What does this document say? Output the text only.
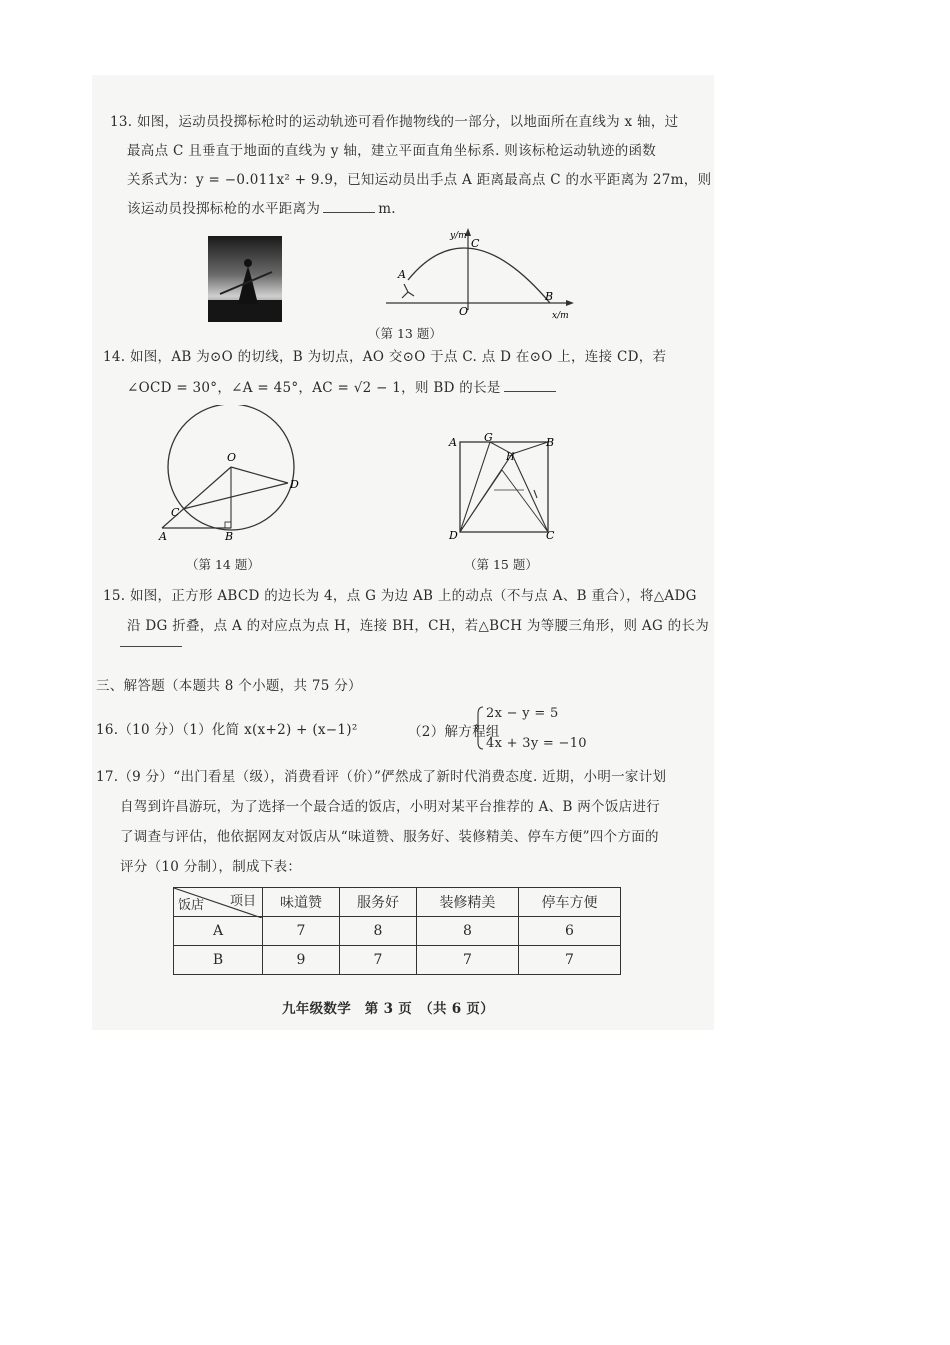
13. 如图，运动员投掷标枪时的运动轨迹可看作抛物线的一部分，以地面所在直线为 x 轴，过
最高点 C 且垂直于地面的直线为 y 轴，建立平面直角坐标系. 则该标枪运动轨迹的函数
关系式为：y = −0.011x² + 9.9，已知运动员出手点 A 距离最高点 C 的水平距离为 27m，则
该运动员投掷标枪的水平距离为	m.
y/m
C
A
O
B
x/m
（第 13 题）
14. 如图，AB 为⊙O 的切线，B 为切点，AO 交⊙O 于点 C. 点 D 在⊙O 上，连接 CD，若
∠OCD = 30°，∠A = 45°，AC = √2 − 1，则 BD 的长是
O
D
C
A	B
（第 14 题）
A G	B
H
D	C
（第 15 题）
15. 如图，正方形 ABCD 的边长为 4，点 G 为边 AB 上的动点（不与点 A、B 重合），将△ADG
沿 DG 折叠，点 A 的对应点为点 H，连接 BH，CH，若△BCH 为等腰三角形，则 AG 的长为
三、解答题（本题共 8 个小题，共 75 分）
16.（10 分）（1）化简 x(x+2) + (x−1)²	（2）解方程组
2x − y = 5
4x + 3y = −10
17.（9 分）“出门看星（级），消费看评（价）”俨然成了新时代消费态度. 近期，小明一家计划
自驾到许昌游玩，为了选择一个最合适的饭店，小明对某平台推荐的 A、B 两个饭店进行
了调查与评估，他依据网友对饭店从“味道赞、服务好、装修精美、停车方便”四个方面的
评分（10 分制），制成下表：
项目
饭店	味道赞	服务好	装修精美	停车方便
A	7	8	8	6
B	9	7	7	7
九年级数学　第 3 页　（共 6 页）
